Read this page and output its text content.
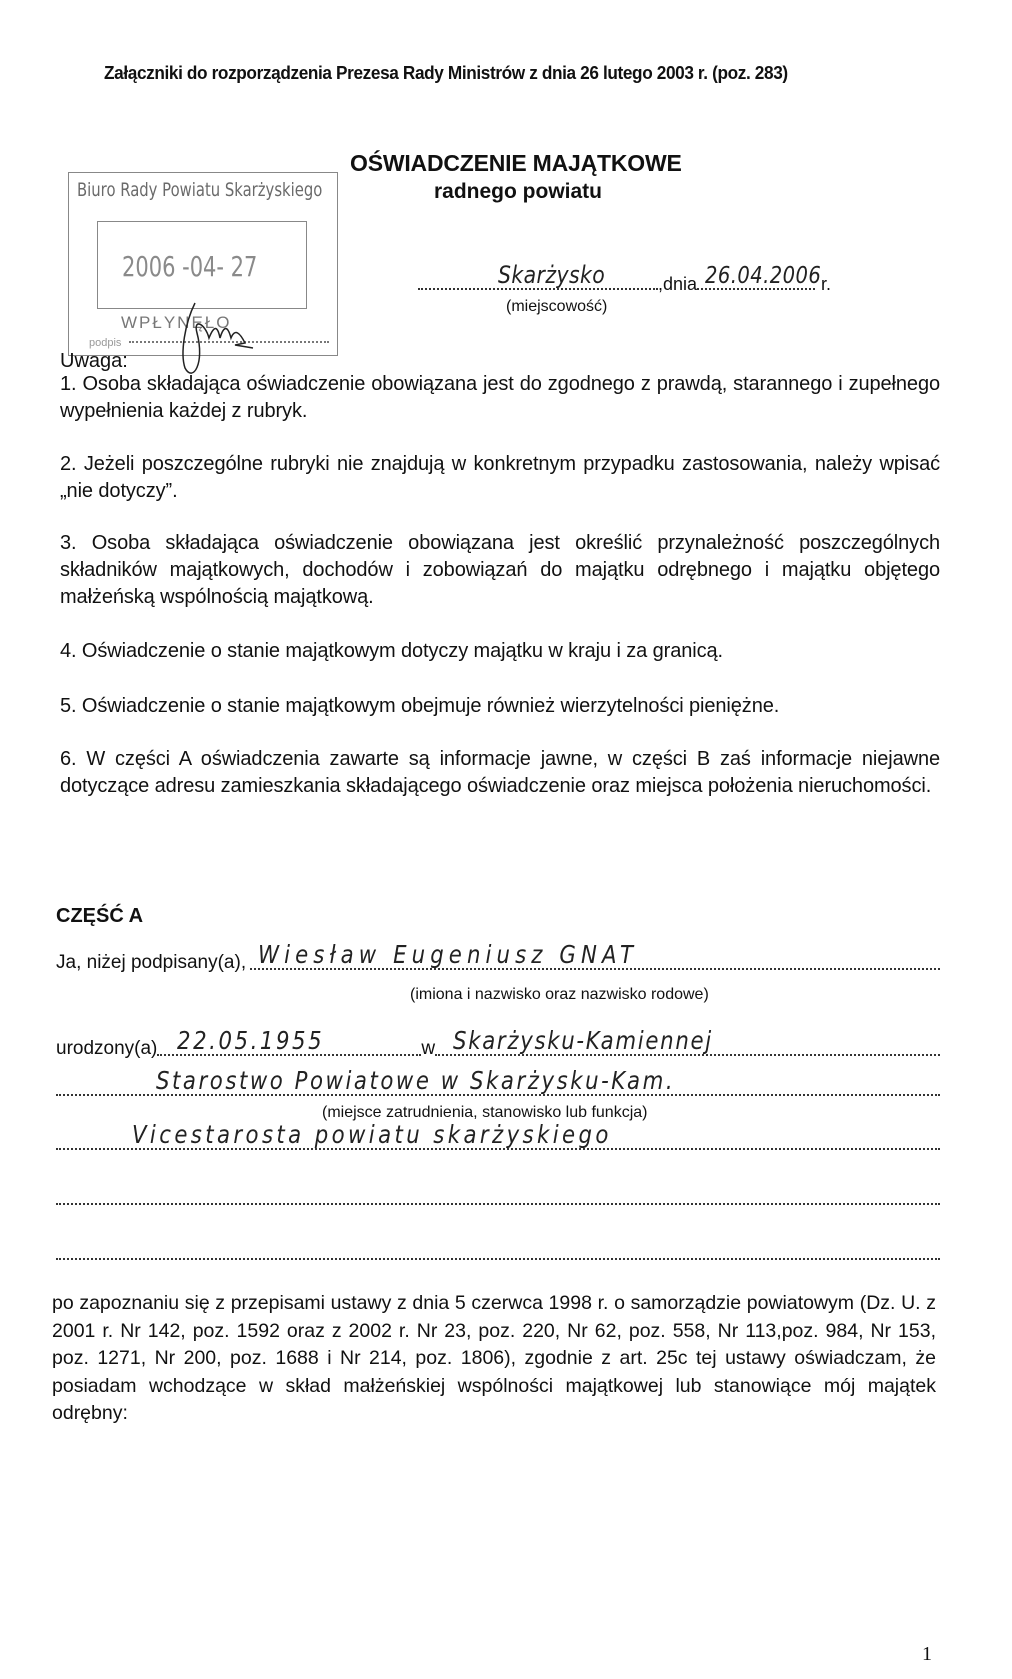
Załączniki do rozporządzenia Prezesa Rady Ministrów z dnia 26 lutego 2003 r. (poz. 283)
OŚWIADCZENIE MAJĄTKOWE
radnego powiatu
Biuro Rady Powiatu Skarżyskiego
2006 -04- 27
WPŁYNĘŁO
podpis
Skarżysko	,dnia 26.04.2006 r.
(miejscowość)
Uwaga:
1. Osoba składająca oświadczenie obowiązana jest do zgodnego z prawdą, starannego i zupełnego wypełnienia każdej z rubryk.
2. Jeżeli poszczególne rubryki nie znajdują w konkretnym przypadku zastosowania, należy wpisać „nie dotyczy”.
3. Osoba składająca oświadczenie obowiązana jest określić przynależność poszczególnych składników majątkowych, dochodów i zobowiązań do majątku odrębnego i majątku objętego małżeńską wspólnością majątkową.
4. Oświadczenie o stanie majątkowym dotyczy majątku w kraju i za granicą.
5. Oświadczenie o stanie majątkowym obejmuje również wierzytelności pieniężne.
6. W części A oświadczenia zawarte są informacje jawne, w części B zaś informacje niejawne dotyczące adresu zamieszkania składającego oświadczenie oraz miejsca położenia nieruchomości.
CZĘŚĆ A
Ja, niżej podpisany(a), Wiesław Eugeniusz GNAT
(imiona i nazwisko oraz nazwisko rodowe)
urodzony(a) 22.05.1955	w Skarżysku-Kamiennej
Starostwo Powiatowe w Skarżysku-Kam.
(miejsce zatrudnienia, stanowisko lub funkcja)
Vicestarosta powiatu skarżyskiego
po zapoznaniu się z przepisami ustawy z dnia 5 czerwca 1998 r. o samorządzie powiatowym (Dz. U. z 2001 r. Nr 142, poz. 1592 oraz z 2002 r. Nr 23, poz. 220, Nr 62, poz. 558, Nr 113,poz. 984, Nr 153, poz. 1271, Nr 200, poz. 1688 i Nr 214, poz. 1806), zgodnie z art. 25c tej ustawy oświadczam, że posiadam wchodzące w skład małżeńskiej wspólności majątkowej lub stanowiące mój majątek odrębny:
1
